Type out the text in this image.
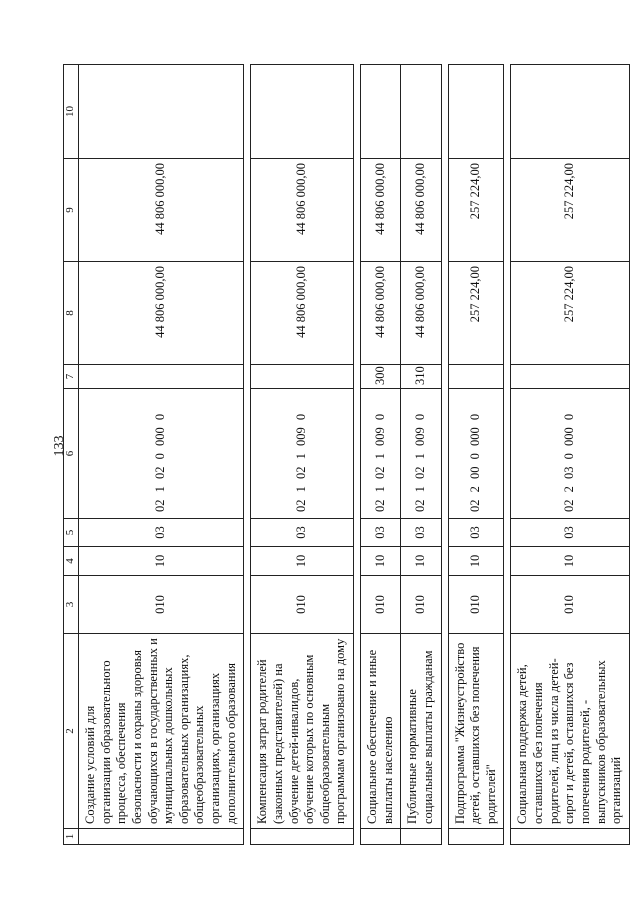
133
1	2	3	4	5	6	7	8	9	10
	Создание условий для организации образовательного процесса, обеспечения безопасности и охраны здоровья обучающихся в государственных и муниципальных дошкольных образовательных организациях, общеобразовательных организациях, организациях дополнительного образования	010	10	03	02 1 02 0 000 0		44 806 000,00	44 806 000,00	

	Компенсация затрат родителей (законных представителей) на обучение детей-инвалидов, обучение которых по основным общеобразовательным программам организовано на дому	010	10	03	02 1 02 1 009 0		44 806 000,00	44 806 000,00	

	Социальное обеспечение и иные выплаты населению	010	10	03	02 1 02 1 009 0	300	44 806 000,00	44 806 000,00	
	Публичные нормативные социальные выплаты гражданам	010	10	03	02 1 02 1 009 0	310	44 806 000,00	44 806 000,00	

	Подпрограмма "Жизнеустройство детей, оставшихся без попечения родителей"	010	10	03	02 2 00 0 000 0		257 224,00	257 224,00	

	Социальная поддержка детей, оставшихся без попечения родителей, лиц из числа детей-сирот и детей, оставшихся без попечения родителей, - выпускников образовательных организаций	010	10	03	02 2 03 0 000 0		257 224,00	257 224,00	
